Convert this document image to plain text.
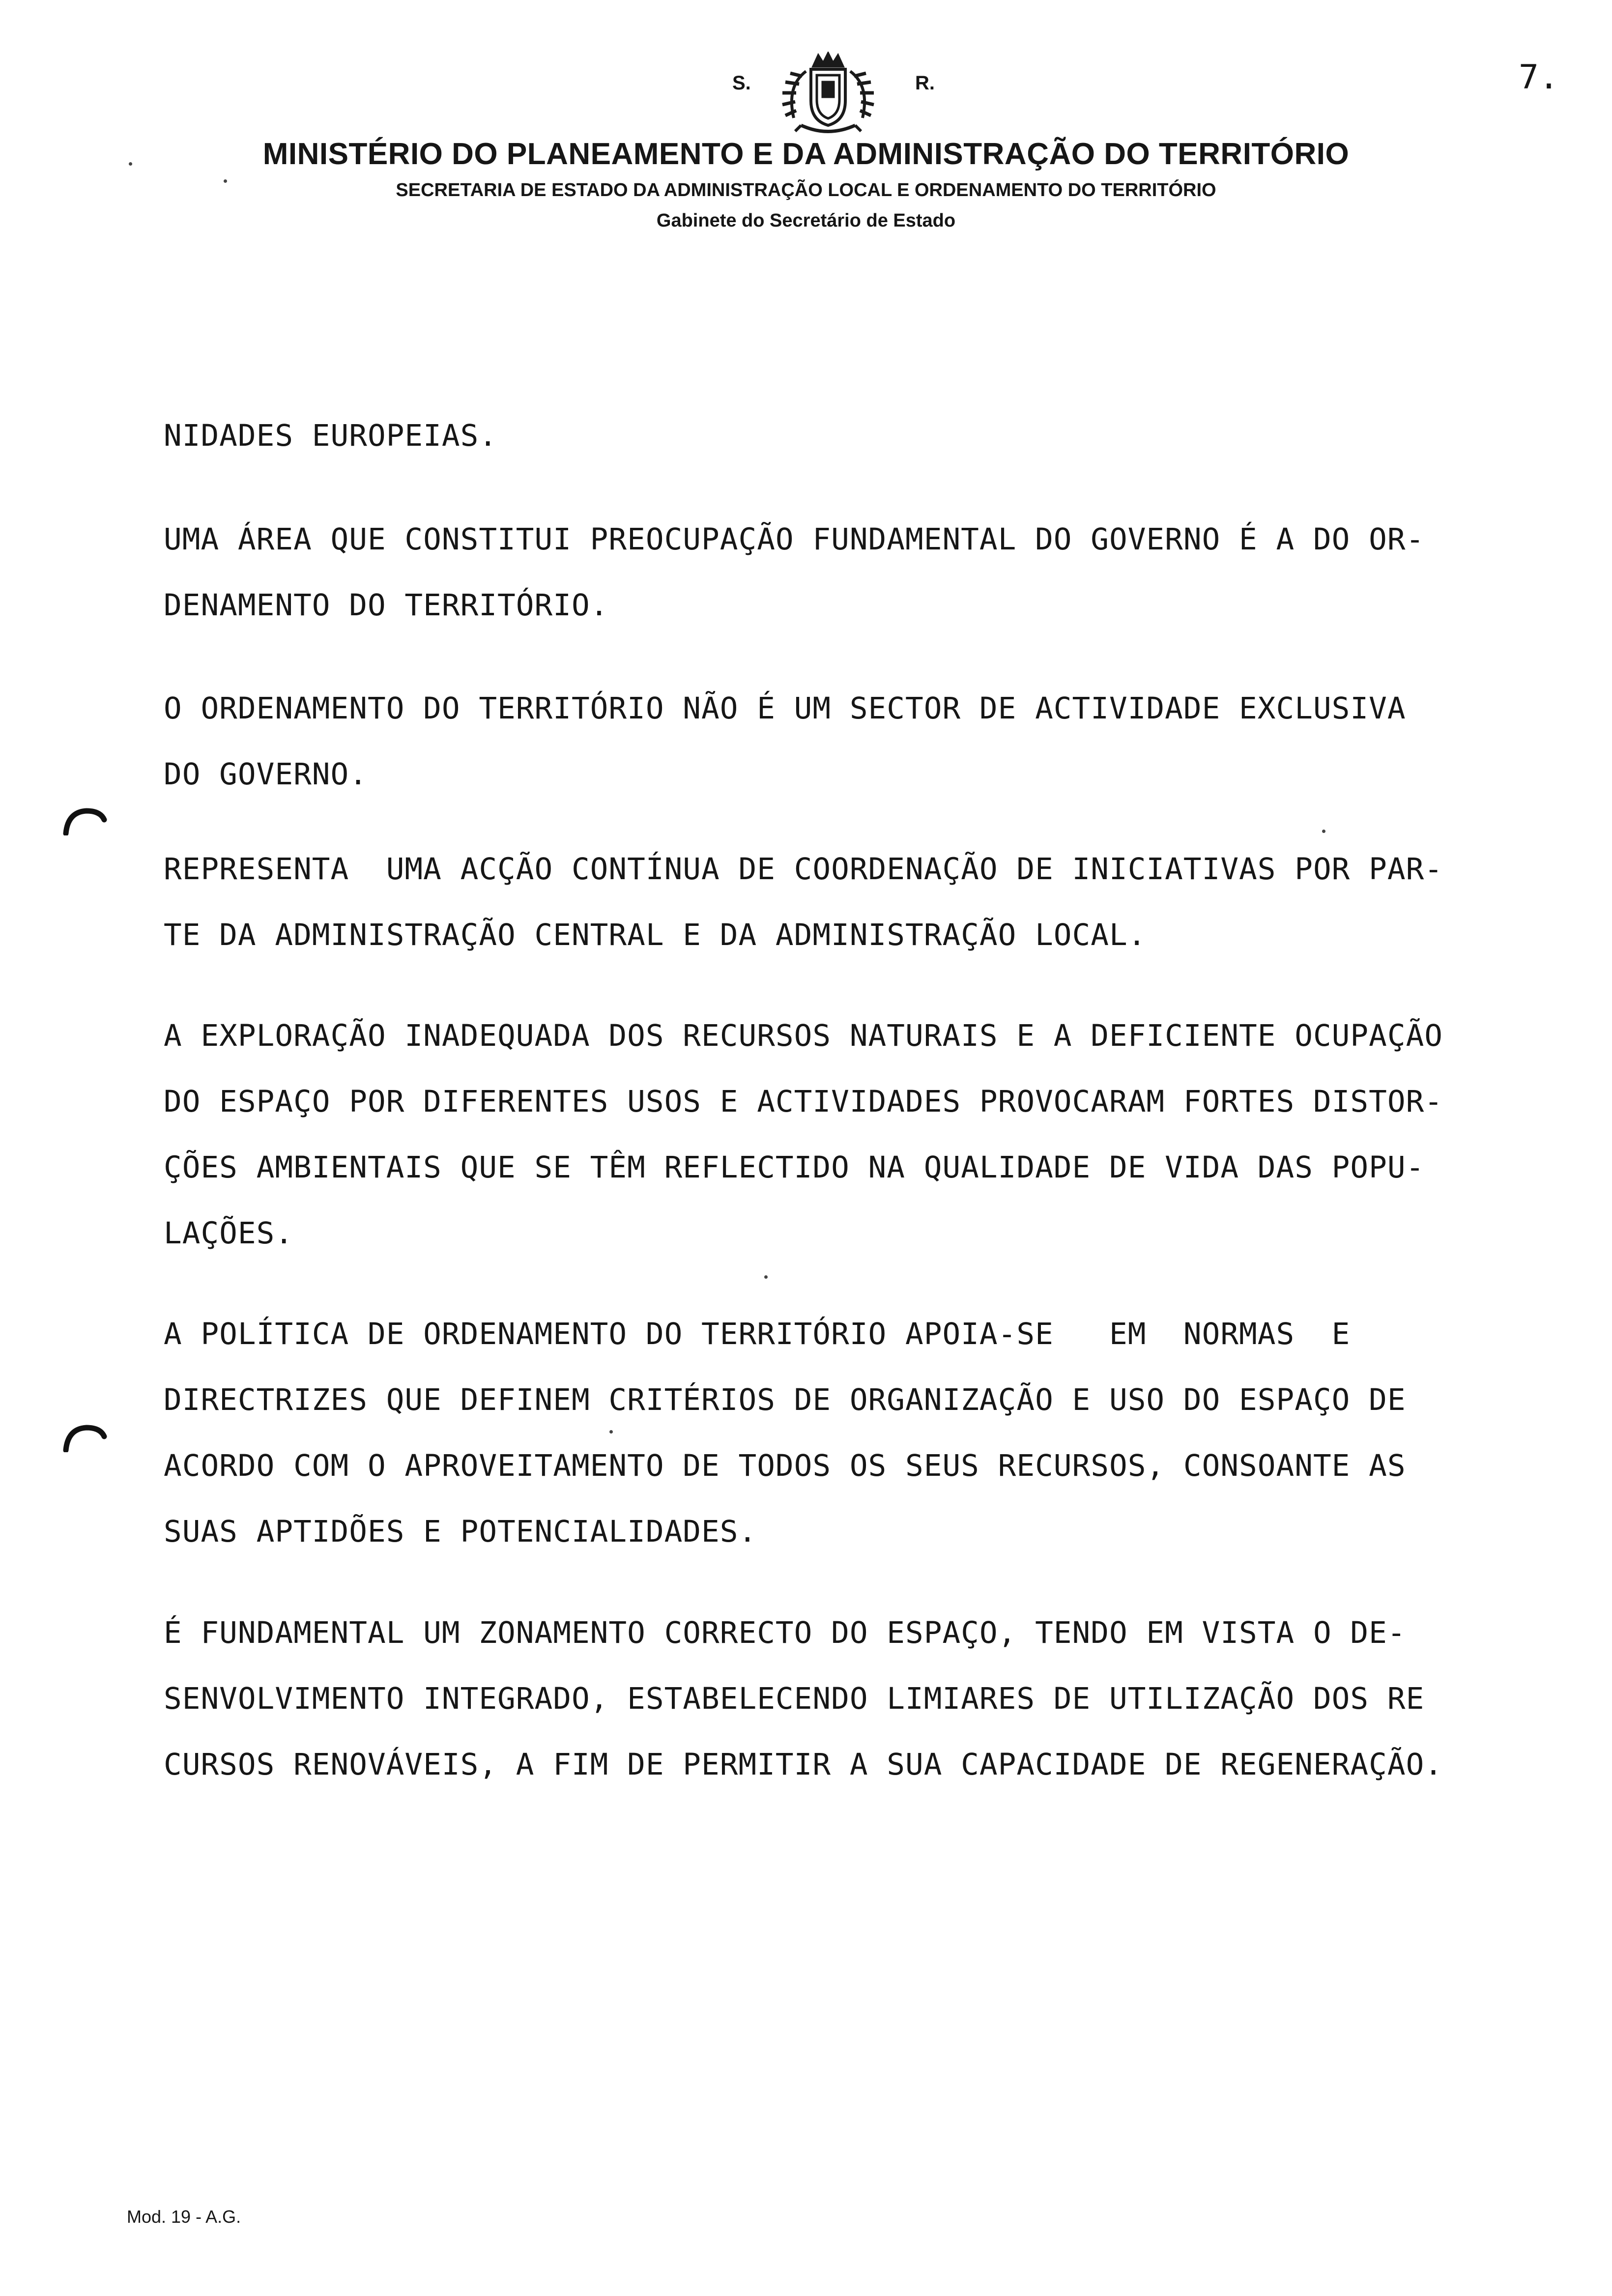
S.	R.	7.
MINISTÉRIO DO PLANEAMENTO E DA ADMINISTRAÇÃO DO TERRITÓRIO
SECRETARIA DE ESTADO DA ADMINISTRAÇÃO LOCAL E ORDENAMENTO DO TERRITÓRIO
Gabinete do Secretário de Estado
NIDADES EUROPEIAS.
UMA ÁREA QUE CONSTITUI PREOCUPAÇÃO FUNDAMENTAL DO GOVERNO É A DO OR-
DENAMENTO DO TERRITÓRIO.
O ORDENAMENTO DO TERRITÓRIO NÃO É UM SECTOR DE ACTIVIDADE EXCLUSIVA
DO GOVERNO.
REPRESENTA  UMA ACÇÃO CONTÍNUA DE COORDENAÇÃO DE INICIATIVAS POR PAR-
TE DA ADMINISTRAÇÃO CENTRAL E DA ADMINISTRAÇÃO LOCAL.
A EXPLORAÇÃO INADEQUADA DOS RECURSOS NATURAIS E A DEFICIENTE OCUPAÇÃO
DO ESPAÇO POR DIFERENTES USOS E ACTIVIDADES PROVOCARAM FORTES DISTOR-
ÇÕES AMBIENTAIS QUE SE TÊM REFLECTIDO NA QUALIDADE DE VIDA DAS POPU-
LAÇÕES.
A POLÍTICA DE ORDENAMENTO DO TERRITÓRIO APOIA-SE   EM  NORMAS  E
DIRECTRIZES QUE DEFINEM CRITÉRIOS DE ORGANIZAÇÃO E USO DO ESPAÇO DE
ACORDO COM O APROVEITAMENTO DE TODOS OS SEUS RECURSOS, CONSOANTE AS
SUAS APTIDÕES E POTENCIALIDADES.
É FUNDAMENTAL UM ZONAMENTO CORRECTO DO ESPAÇO, TENDO EM VISTA O DE-
SENVOLVIMENTO INTEGRADO, ESTABELECENDO LIMIARES DE UTILIZAÇÃO DOS RE
CURSOS RENOVÁVEIS, A FIM DE PERMITIR A SUA CAPACIDADE DE REGENERAÇÃO.
Mod. 19 - A.G.
